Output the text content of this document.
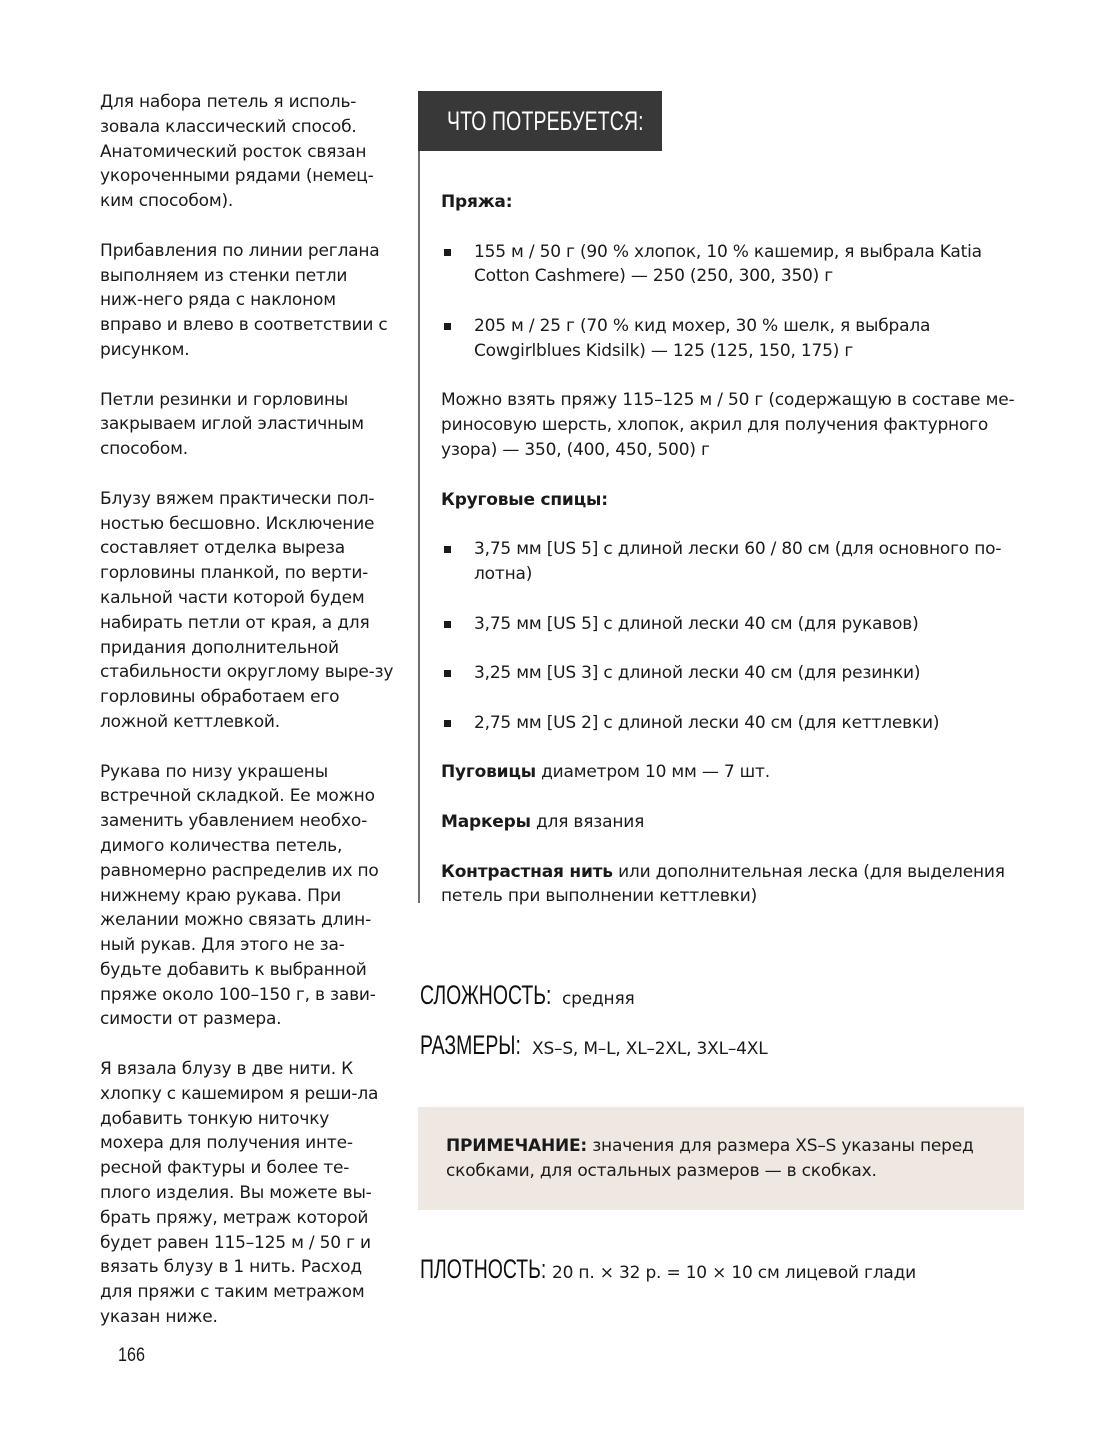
Для набора петель я исполь-зовала классический способ. Анатомический росток связан укороченными рядами (немец-ким способом).

Прибавления по линии реглана выполняем из стенки петли ниж-него ряда с наклоном вправо и влево в соответствии с рисунком.

Петли резинки и горловины закрываем иглой эластичным способом.

Блузу вяжем практически пол-ностью бесшовно. Исключение составляет отделка выреза горловины планкой, по верти-кальной части которой будем набирать петли от края, а для придания дополнительной стабильности округлому выре-зу горловины обработаем его ложной кеттлевкой.

Рукава по низу украшены встречной складкой. Ее можно заменить убавлением необхо-димого количества петель, равномерно распределив их по нижнему краю рукава. При желании можно связать длин-ный рукав. Для этого не за-будьте добавить к выбранной пряже около 100–150 г, в зави-симости от размера.

Я вязала блузу в две нити. К хлопку с кашемиром я реши-ла добавить тонкую ниточку мохера для получения инте-ресной фактуры и более те-плого изделия. Вы можете вы-брать пряжу, метраж которой будет равен 115–125 м / 50 г и вязать блузу в 1 нить. Расход для пряжи с таким метражом указан ниже.

166
ЧТО ПОТРЕБУЕТСЯ:

Пряжа:

155 м / 50 г (90 % хлопок, 10 % кашемир, я выбрала Katia Cotton Cashmere) — 250 (250, 300, 350) г
205 м / 25 г (70 % кид мохер, 30 % шелк, я выбрала Cowgirlblues Kidsilk) — 125 (125, 150, 175) г

Можно взять пряжу 115–125 м / 50 г (содержащую в составе ме-риносовую шерсть, хлопок, акрил для получения фактурного узора) — 350, (400, 450, 500) г

Круговые спицы:

3,75 мм [US 5] с длиной лески 60 / 80 см (для основного по-лотна)
3,75 мм [US 5] с длиной лески 40 см (для рукавов)
3,25 мм [US 3] с длиной лески 40 см (для резинки)
2,75 мм [US 2] с длиной лески 40 см (для кеттлевки)

Пуговицы диаметром 10 мм — 7 шт.

Маркеры для вязания

Контрастная нить или дополнительная леска (для выделения петель при выполнении кеттлевки)

СЛОЖНОСТЬ: средняя
РАЗМЕРЫ: XS–S, M–L, XL–2XL, 3XL–4XL
ПРИМЕЧАНИЕ: значения для размера XS–S указаны перед скобками, для остальных размеров — в скобках.
ПЛОТНОСТЬ: 20 п. × 32 р. = 10 × 10 см лицевой глади
